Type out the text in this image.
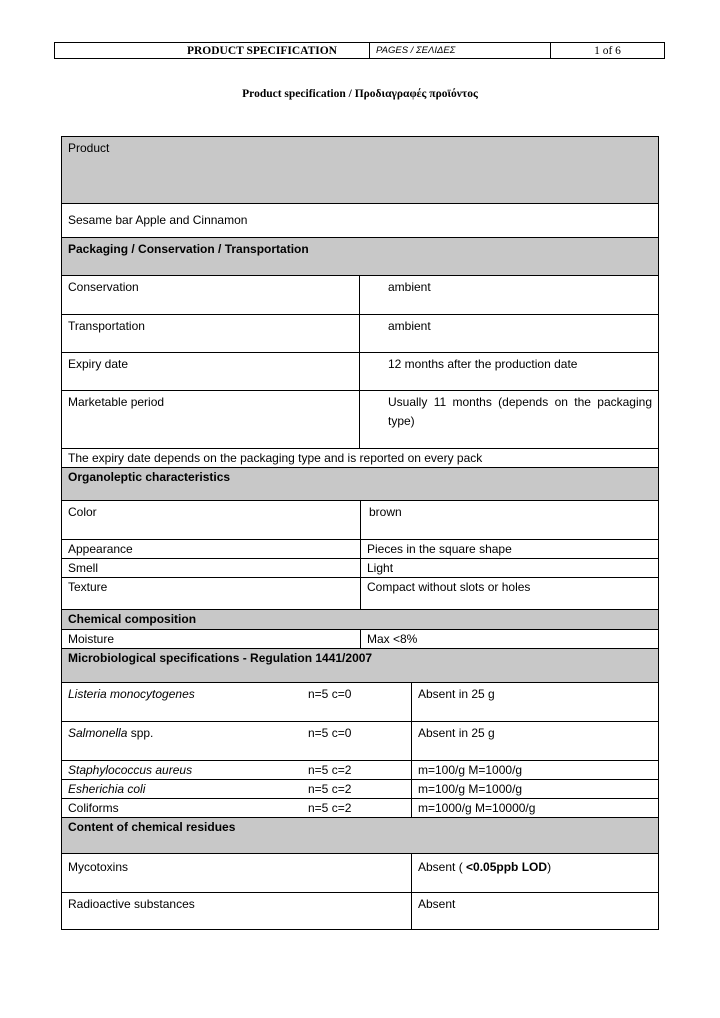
PRODUCT SPECIFICATION	PAGES / ΣΕΛΙΔΕΣ	1 of 6
Product specification / Προδιαγραφές προϊόντος
Product
Sesame bar Apple and Cinnamon
Packaging / Conservation / Transportation
Conservation	ambient
Transportation	ambient
Expiry date	12 months after the production date
Marketable period	Usually 11 months (depends on the packaging type)
The expiry date depends on the packaging type and is reported on every pack
Organoleptic characteristics
Color	brown
Appearance	Pieces in the square shape
Smell	Light
Texture	Compact without slots or holes
Chemical composition
Moisture	Max <8%
Microbiological specifications - Regulation 1441/2007
Listeria monocytogenes	n=5 c=0	Absent in 25 g
Salmonella spp.	n=5 c=0	Absent in 25 g
Staphylococcus aureus	n=5 c=2	m=100/g M=1000/g
Esherichia coli	n=5 c=2	m=100/g M=1000/g
Coliforms	n=5 c=2	m=1000/g M=10000/g
Content of chemical residues
Mycotoxins	Absent ( <0.05ppb LOD)
Radioactive substances	Absent
